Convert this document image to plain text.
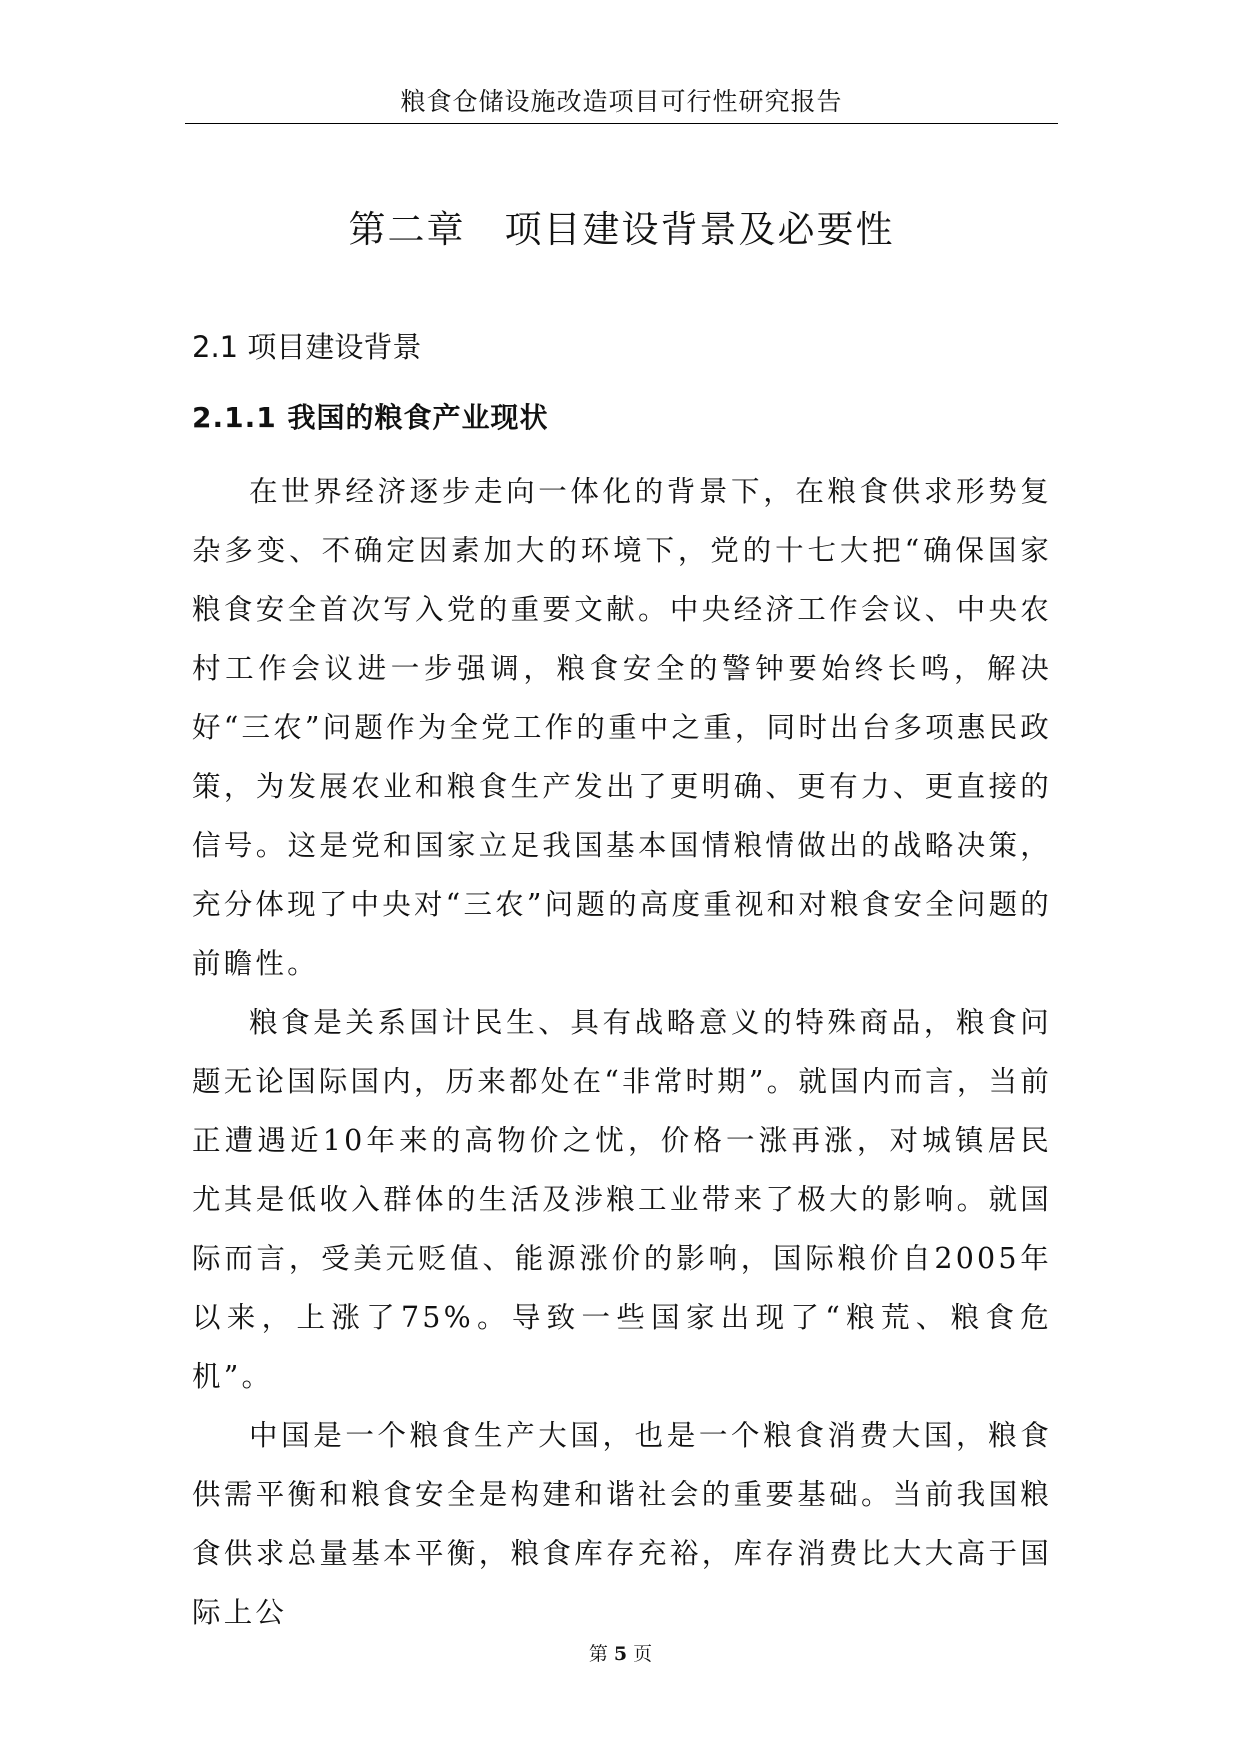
粮食仓储设施改造项目可行性研究报告
第二章　项目建设背景及必要性
2.1 项目建设背景
2.1.1 我国的粮食产业现状

在世界经济逐步走向一体化的背景下，在粮食供求形势复杂多变、不确定因素加大的环境下，党的十七大把“确保国家粮食安全首次写入党的重要文献。中央经济工作会议、中央农村工作会议进一步强调，粮食安全的警钟要始终长鸣，解决好“三农”问题作为全党工作的重中之重，同时出台多项惠民政策，为发展农业和粮食生产发出了更明确、更有力、更直接的信号。这是党和国家立足我国基本国情粮情做出的战略决策，充分体现了中央对“三农”问题的高度重视和对粮食安全问题的前瞻性。

粮食是关系国计民生、具有战略意义的特殊商品，粮食问题无论国际国内，历来都处在“非常时期”。就国内而言，当前正遭遇近10年来的高物价之忧，价格一涨再涨，对城镇居民尤其是低收入群体的生活及涉粮工业带来了极大的影响。就国际而言，受美元贬值、能源涨价的影响，国际粮价自2005年以来，上涨了75%。导致一些国家出现了“粮荒、粮食危机”。

中国是一个粮食生产大国，也是一个粮食消费大国，粮食供需平衡和粮食安全是构建和谐社会的重要基础。当前我国粮食供求总量基本平衡，粮食库存充裕，库存消费比大大高于国际上公

第 5 页
